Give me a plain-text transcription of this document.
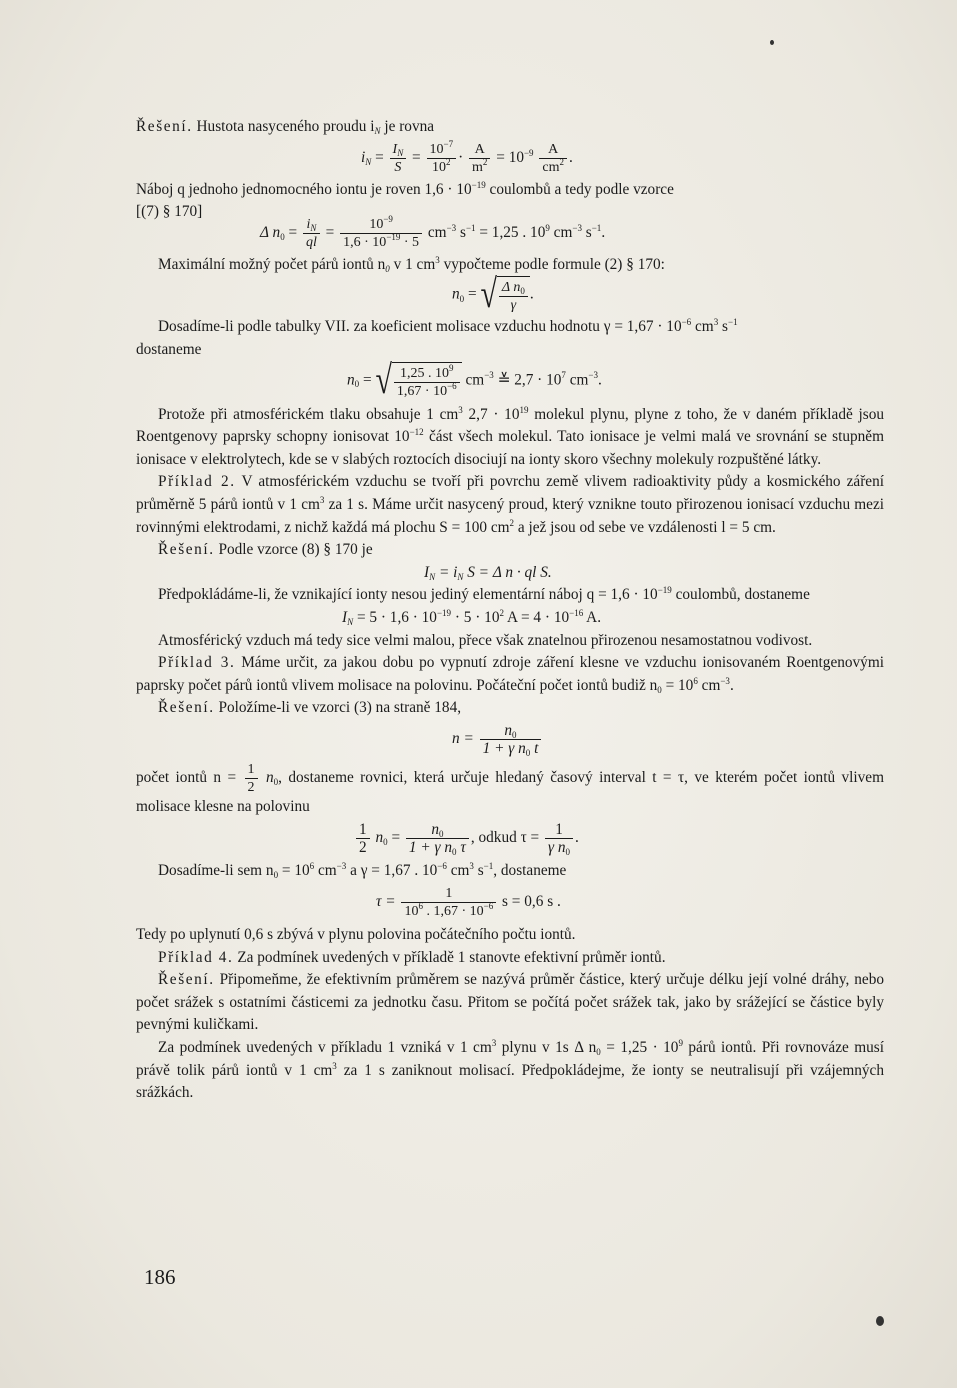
Řešení. Hustota nasyceného proudu $i_N$ je rovna

$i_N = \frac{I_N}{S} = \frac{10^{-7}}{10^2} \cdot \frac{A}{m^2} = 10^{-9} \frac{A}{cm^2}$ .

Náboj q jednoho jednomocného iontu je roven $1,6 \cdot 10^{-19}$ coulombů a tedy podle vzorce
[(7) § 170]

Δ $n_0 = \frac{i_N}{ql} = \frac{10^{-9}}{1,6 \cdot 10^{-19} \cdot 5} cm^{-3}$ $s^{-1} = 1,25$ . $10^9$ $cm^{-3}$ $s^{-1}$.

Maximální možný počet párů iontů $n_0$ v 1 $cm^3$ vypočteme podle formule (2) § 170:

$n_0$ = √ $\frac{\Delta n_0}{\gamma}$ .

Dosadíme-li podle tabulky VII. za koeficient molisace vzduchu hodnotu $\gamma = 1,67 \cdot 10^{-6}$ $cm^3$ $s^{-1}$
dostaneme

$n_0$ = √ $\frac{1,25 . 10^9}{1,67 \cdot 10^{-6}} cm^{-3}$ ≚ $2,7 \cdot 10^7$ $cm^{-3}$.

Protože při atmosférickém tlaku obsahuje 1 $cm^3$ $2,7 \cdot 10^{19}$ molekul plynu, plyne z toho, že v daném příkladě jsou Roentgenovy paprsky schopny ionisovat $10^{-12}$ část všech molekul. Tato ionisace je velmi malá ve srovnání se stupněm ionisace v elektrolytech, kde se v slabých roztocích disociují na ionty skoro všechny molekuly rozpuštěné látky.

Příklad 2. V atmosférickém vzduchu se tvoří při povrchu země vlivem radioaktivity půdy a kosmického záření průměrně 5 párů iontů v 1 $cm^3$ za 1 s. Máme určit nasycený proud, který vznikne touto přirozenou ionisací vzduchu mezi rovinnými elektrodami, z nichž každá má plochu S = 100 $cm^2$ a jež jsou od sebe ve vzdálenosti l = 5 cm.

Řešení. Podle vzorce (8) § 170 je

$I_N = i_N$ S = Δ n · ql S.

Předpokládáme-li, že vznikající ionty nesou jediný elementární náboj $q = 1,6 \cdot 10^{-19}$ coulombů, dostaneme

$I_N = 5 \cdot 1,6 \cdot 10^{-19} \cdot 5 \cdot 10^2$ $A = 4 \cdot 10^{-16}$ A.

Atmosférický vzduch má tedy sice velmi malou, přece však znatelnou přirozenou nesamostatnou vodivost.

Příklad 3. Máme určit, za jakou dobu po vypnutí zdroje záření klesne ve vzduchu ionisovaném Roentgenovými paprsky počet párů iontů vlivem molisace na polovinu. Počáteční počet iontů budiž $n_0 = 10^6$ $cm^{-3}$.

Řešení. Položíme-li ve vzorci (3) na straně 184,

$n = \frac{n_0}{1 + \gamma n_0 t}$

počet iontů $n = \frac{1}{2} n_0$, dostaneme rovnici, která určuje hledaný časový interval t = τ, ve kterém počet iontů vlivem molisace klesne na polovinu

$\frac{1}{2} n_0 = \frac{n_0}{1 + \gamma n_0 \tau}$ , odkud $\tau = \frac{1}{\gamma n_0}$ .

Dosadíme-li sem $n_0 = 10^6$ $cm^{-3}$ a γ = 1,67 . $10^{-6}$ $cm^3$ $s^{-1}$, dostaneme

$\tau = \frac{1}{10^6 . 1,67 \cdot 10^{-6}}$ s = 0,6 s .

Tedy po uplynutí 0,6 s zbývá v plynu polovina počátečního počtu iontů.

Příklad 4. Za podmínek uvedených v příkladě 1 stanovte efektivní průměr iontů.

Řešení. Připomeňme, že efektivním průměrem se nazývá průměr částice, který určuje délku její volné dráhy, nebo počet srážek s ostatními částicemi za jednotku času. Přitom se počítá počet srážek tak, jako by srážející se částice byly pevnými kuličkami.

Za podmínek uvedených v příkladu 1 vzniká v 1 $cm^3$ plynu v 1s Δ $n_0 = 1,25 \cdot 10^9$ párů iontů. Při rovnováze musí právě tolik párů iontů v 1 $cm^3$ za 1 s zaniknout molisací. Předpokládejme, že ionty se neutralisují při vzájemných srážkách.

186
